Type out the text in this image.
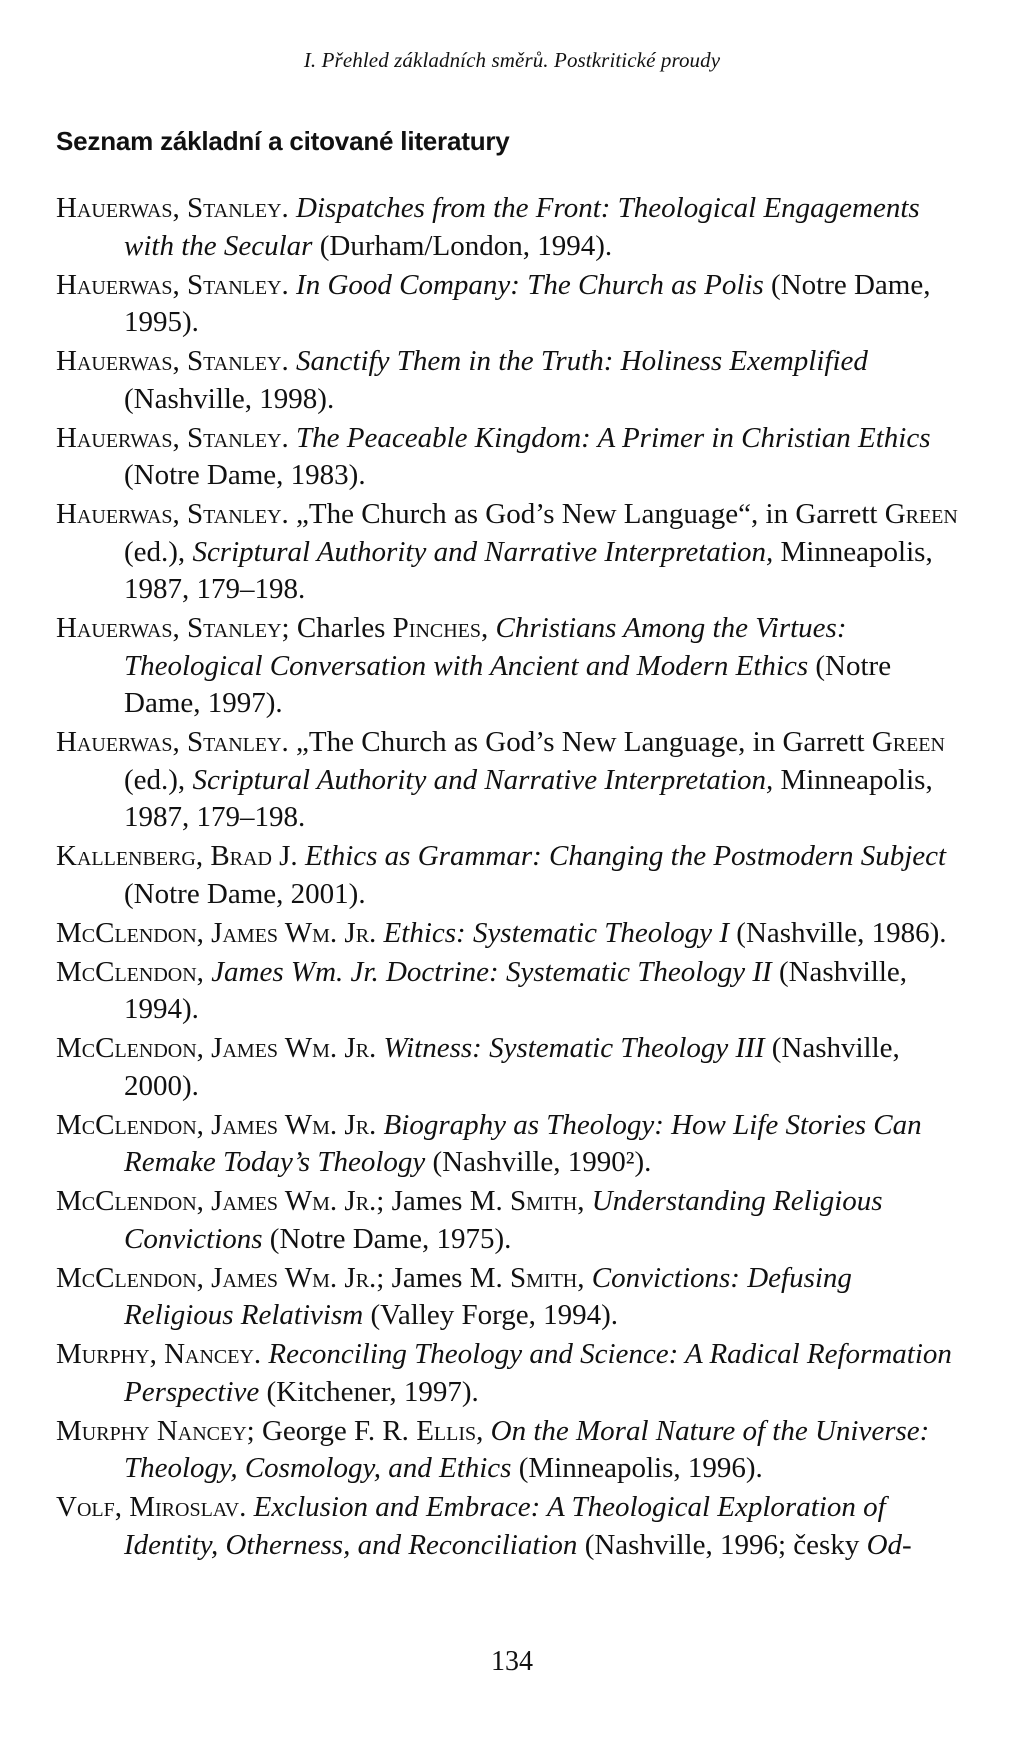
I. Přehled základních směrů. Postkritické proudy
Seznam základní a citované literatury
Hauerwas, Stanley. Dispatches from the Front: Theological Engagements with the Secular (Durham/London, 1994).
Hauerwas, Stanley. In Good Company: The Church as Polis (Notre Dame, 1995).
Hauerwas, Stanley. Sanctify Them in the Truth: Holiness Exemplified (Nashville, 1998).
Hauerwas, Stanley. The Peaceable Kingdom: A Primer in Christian Ethics (Notre Dame, 1983).
Hauerwas, Stanley. „The Church as God’s New Language“, in Garrett Green (ed.), Scriptural Authority and Narrative Interpretation, Minneapolis, 1987, 179–198.
Hauerwas, Stanley; Charles Pinches, Christians Among the Virtues: Theological Conversation with Ancient and Modern Ethics (Notre Dame, 1997).
Hauerwas, Stanley. „The Church as God’s New Language, in Garrett Green (ed.), Scriptural Authority and Narrative Interpretation, Minneapolis, 1987, 179–198.
Kallenberg, Brad J. Ethics as Grammar: Changing the Postmodern Subject (Notre Dame, 2001).
McClendon, James Wm. Jr. Ethics: Systematic Theology I (Nashville, 1986).
McClendon, James Wm. Jr. Doctrine: Systematic Theology II (Nashville, 1994).
McClendon, James Wm. Jr. Witness: Systematic Theology III (Nashville, 2000).
McClendon, James Wm. Jr. Biography as Theology: How Life Stories Can Remake Today’s Theology (Nashville, 1990²).
McClendon, James Wm. Jr.; James M. Smith, Understanding Religious Convictions (Notre Dame, 1975).
McClendon, James Wm. Jr.; James M. Smith, Convictions: Defusing Religious Relativism (Valley Forge, 1994).
Murphy, Nancey. Reconciling Theology and Science: A Radical Reformation Perspective (Kitchener, 1997).
Murphy Nancey; George F. R. Ellis, On the Moral Nature of the Universe: Theology, Cosmology, and Ethics (Minneapolis, 1996).
Volf, Miroslav. Exclusion and Embrace: A Theological Exploration of Identity, Otherness, and Reconciliation (Nashville, 1996; česky Od-
134
